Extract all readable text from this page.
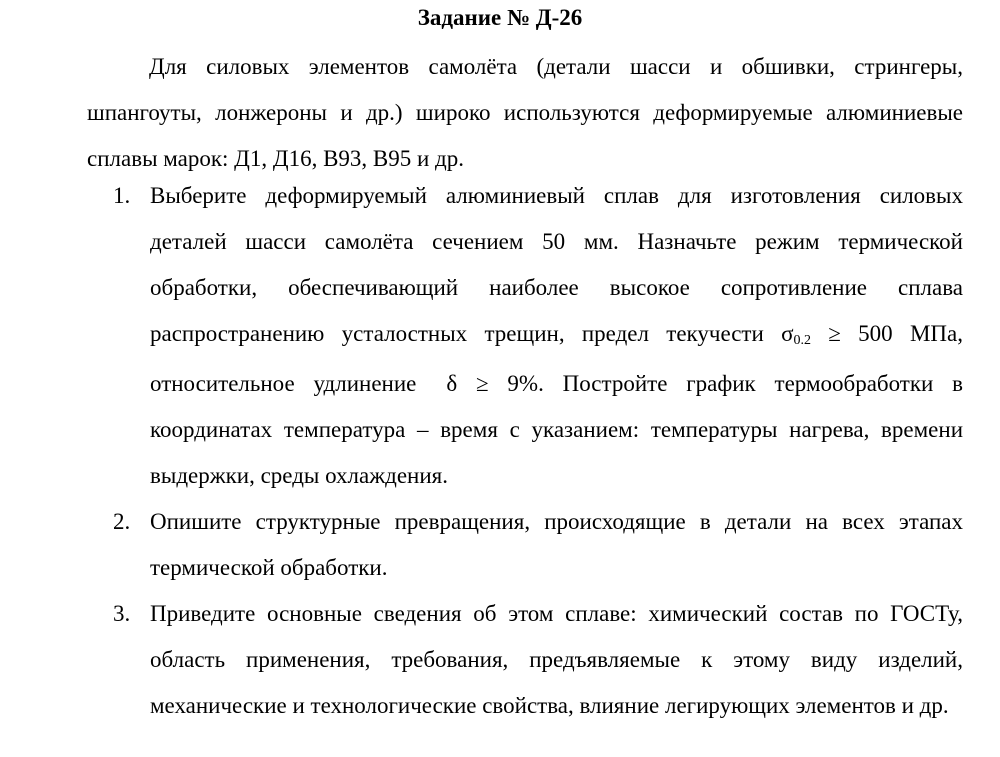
Задание № Д-26

Для силовых элементов самолёта (детали шасси и обшивки, стрингеры, шпангоуты, лонжероны и др.) широко используются деформируемые алюминиевые сплавы марок: Д1, Д16, В93, В95 и др.

1. Выберите деформируемый алюминиевый сплав для изготовления силовых деталей шасси самолёта сечением 50 мм. Назначьте режим термической обработки, обеспечивающий наиболее высокое сопротивление сплава распространению усталостных трещин, предел текучести σ0.2 ≥ 500 МПа, относительное удлинение δ ≥ 9%. Постройте график термообработки в координатах температура – время с указанием: температуры нагрева, времени выдержки, среды охлаждения.
2. Опишите структурные превращения, происходящие в детали на всех этапах термической обработки.
3. Приведите основные сведения об этом сплаве: химический состав по ГОСТу, область применения, требования, предъявляемые к этому виду изделий, механические и технологические свойства, влияние легирующих элементов и др.
